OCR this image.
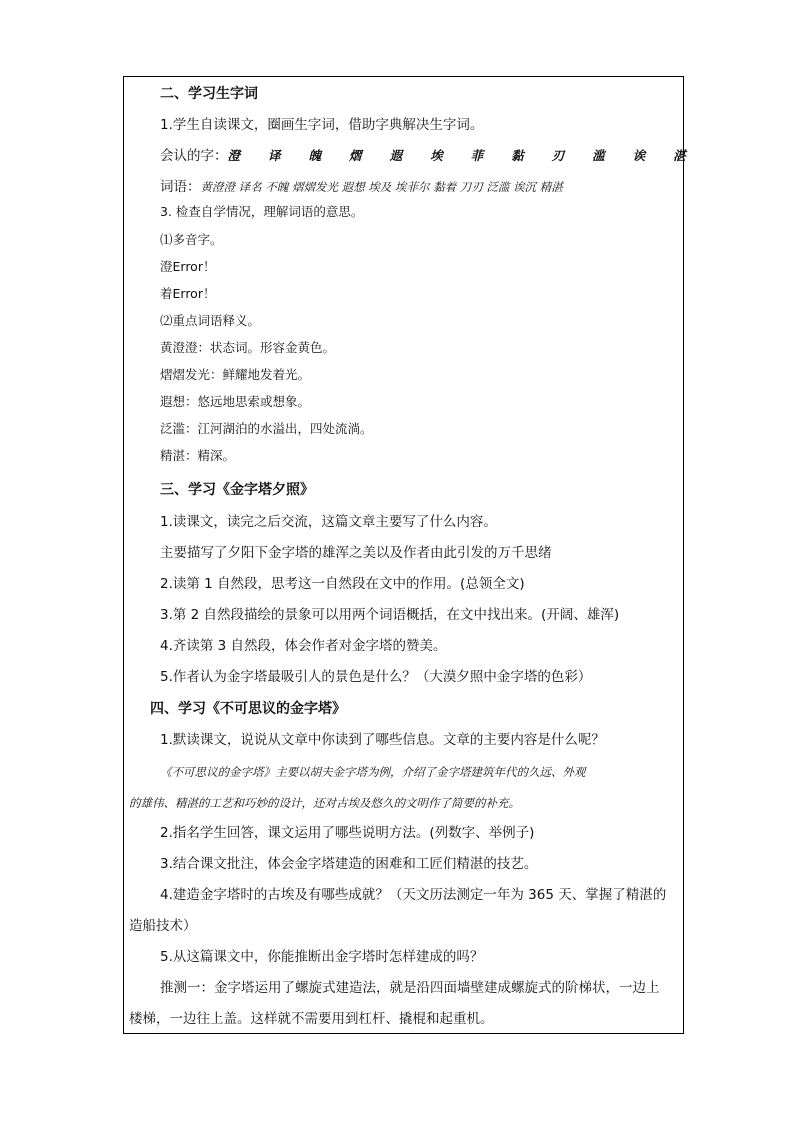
二、学习生字词
1.学生自读课文，圈画生字词，借助字典解决生字词。
会认的字：澄 译 魄 熠 遐 埃 菲 黏 刃 滥 诶 湛
词语：黄澄澄 译名 不魄 熠熠发光 遐想 埃及 埃菲尔 黏着 刀刃 泛滥 诶沉 精湛
3. 检查自学情况，理解词语的意思。
⑴多音字。
澄Error！
着Error！
⑵重点词语释义。
黄澄澄：状态词。形容金黄色。
熠熠发光：鲜耀地发着光。
遐想：悠远地思索或想象。
泛滥：江河湖泊的水溢出，四处流淌。
精湛：精深。
三、学习《金字塔夕照》
1.读课文，读完之后交流，这篇文章主要写了什么内容。
主要描写了夕阳下金字塔的雄浑之美以及作者由此引发的万千思绪
2.读第 1 自然段，思考这一自然段在文中的作用。(总领全文)
3.第 2 自然段描绘的景象可以用两个词语概括，在文中找出来。(开阔、雄浑)
4.齐读第 3 自然段，体会作者对金字塔的赞美。
5.作者认为金字塔最吸引人的景色是什么？（大漠夕照中金字塔的色彩）
四、学习《不可思议的金字塔》
1.默读课文，说说从文章中你读到了哪些信息。文章的主要内容是什么呢？
《不可思议的金字塔》主要以胡夫金字塔为例，介绍了金字塔建筑年代的久远、外观
的雄伟、精湛的工艺和巧妙的设计，还对古埃及悠久的文明作了简要的补充。
2.指名学生回答，课文运用了哪些说明方法。(列数字、举例子)
3.结合课文批注，体会金字塔建造的困难和工匠们精湛的技艺。
4.建造金字塔时的古埃及有哪些成就？（天文历法测定一年为 365 天、掌握了精湛的
造船技术）
5.从这篇课文中，你能推断出金字塔时怎样建成的吗？
推测一：金字塔运用了螺旋式建造法，就是沿四面墙壁建成螺旋式的阶梯状，一边上
楼梯，一边往上盖。这样就不需要用到杠杆、撬棍和起重机。
